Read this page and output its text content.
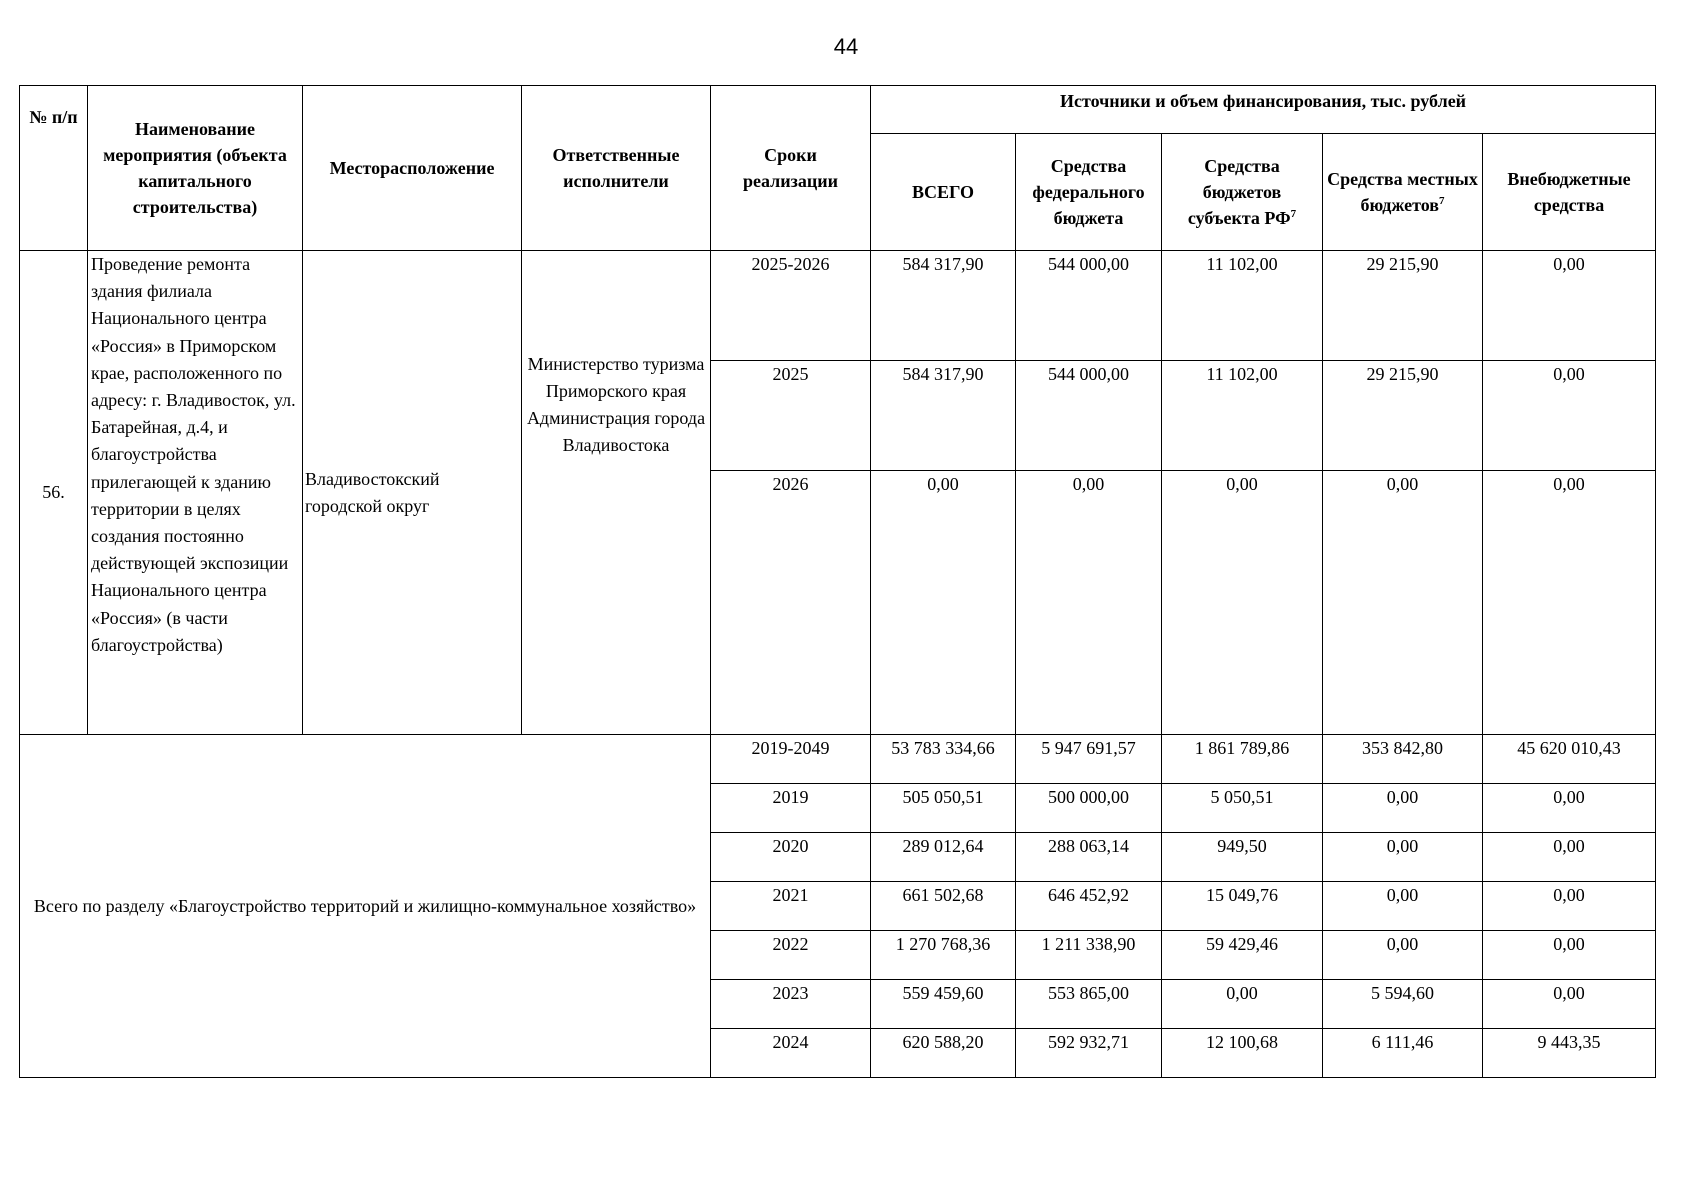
44
№ п/п	Наименование мероприятия (объекта капитального строительства)	Месторасположение	Ответственные исполнители	Сроки реализации	Источники и объем финансирования, тыс. рублей				
					ВСЕГО	Средства федерального бюджета	Средства бюджетов субъекта $РФ^7$	Средства местных бюджетов$^7$	Внебюджетные средства
56.	Проведение ремонта здания филиала Национального центра «Россия» в Приморском крае, расположенного по адресу: г. Владивосток, ул. Батарейная, д.4, и благоустройства прилегающей к зданию территории в целях создания постоянно действующей экспозиции Национального центра «Россия» (в части благоустройства)	Владивостокский городской округ	Министерство туризма Приморского края Администрация города Владивостока	2025-2026	584 317,90	544 000,00	11 102,00	29 215,90	0,00
				2025	584 317,90	544 000,00	11 102,00	29 215,90	0,00
				2026	0,00	0,00	0,00	0,00	0,00
Всего по разделу «Благоустройство территорий и жилищно-коммунальное хозяйство»				2019-2049	53 783 334,66	5 947 691,57	1 861 789,86	353 842,80	45 620 010,43
				2019	505 050,51	500 000,00	5 050,51	0,00	0,00
				2020	289 012,64	288 063,14	949,50	0,00	0,00
				2021	661 502,68	646 452,92	15 049,76	0,00	0,00
				2022	1 270 768,36	1 211 338,90	59 429,46	0,00	0,00
				2023	559 459,60	553 865,00	0,00	5 594,60	0,00
				2024	620 588,20	592 932,71	12 100,68	6 111,46	9 443,35
